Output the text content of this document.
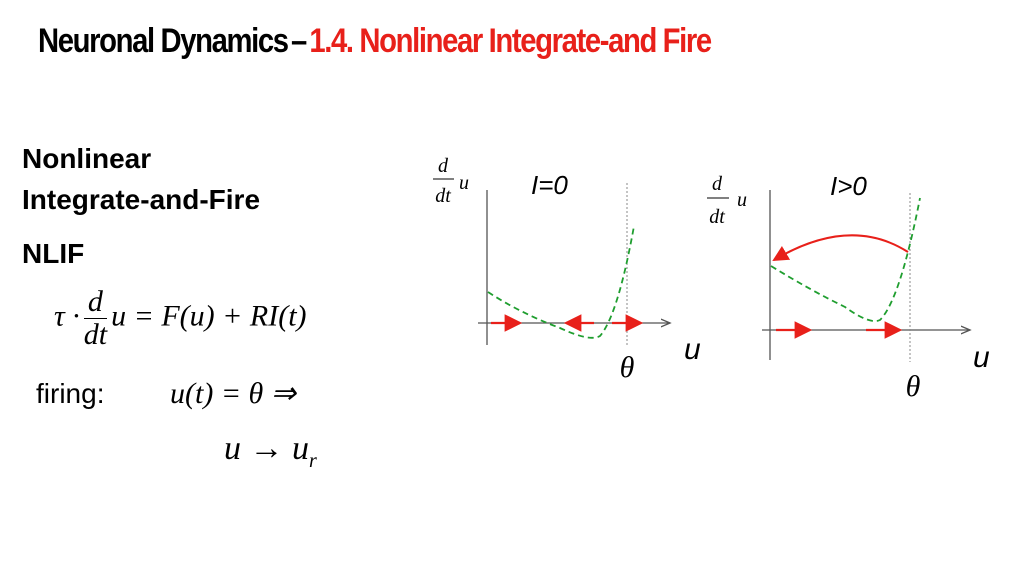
Neuronal Dynamics – 1.4. Nonlinear Integrate-and Fire
Nonlinear
Integrate-and-Fire
NLIF
$\tau \cdot \frac{d}{dt}$ u = F(u) + RI(t)
firing: u(t) = θ ⇒
$u \to u_r$
d
dt
u I=0
u
θ
d
dt
u	I>0
u
θ
